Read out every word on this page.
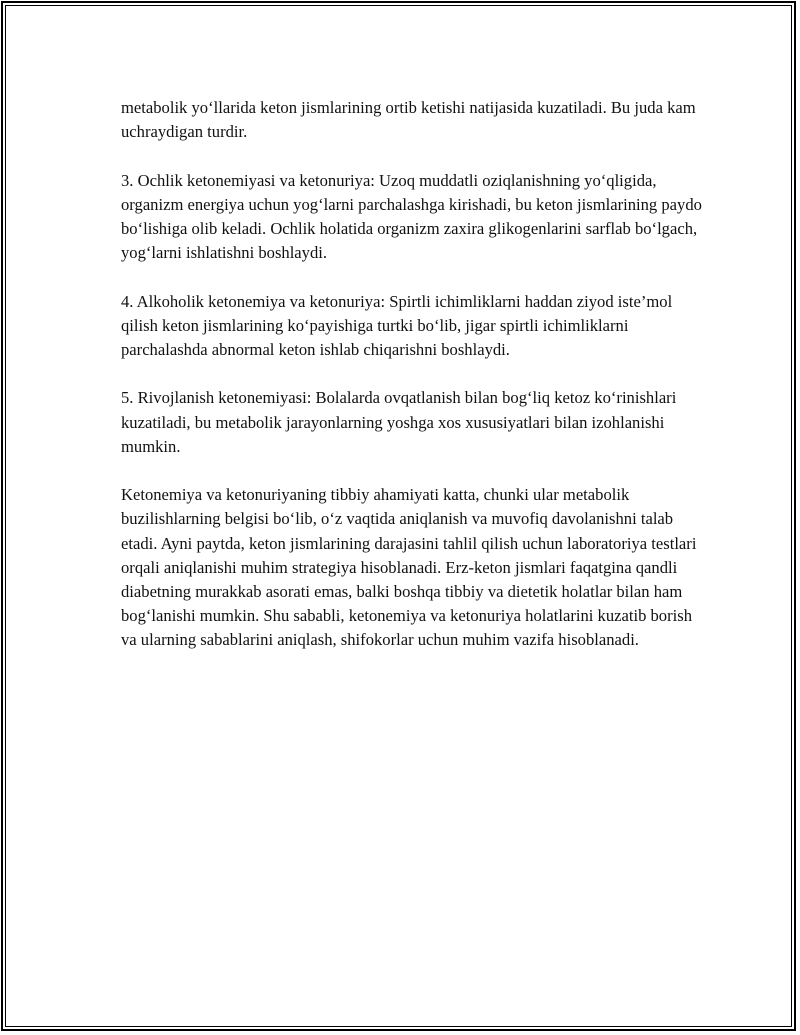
metabolik yo‘llarida keton jismlarining ortib ketishi natijasida kuzatiladi. Bu juda kam uchraydigan turdir.

3. Ochlik ketonemiyasi va ketonuriya: Uzoq muddatli oziqlanishning yo‘qligida, organizm energiya uchun yog‘larni parchalashga kirishadi, bu keton jismlarining paydo bo‘lishiga olib keladi. Ochlik holatida organizm zaxira glikogenlarini sarflab bo‘lgach, yog‘larni ishlatishni boshlaydi.

4. Alkoholik ketonemiya va ketonuriya: Spirtli ichimliklarni haddan ziyod iste’mol qilish keton jismlarining ko‘payishiga turtki bo‘lib, jigar spirtli ichimliklarni parchalashda abnormal keton ishlab chiqarishni boshlaydi.

5. Rivojlanish ketonemiyasi: Bolalarda ovqatlanish bilan bog‘liq ketoz ko‘rinishlari kuzatiladi, bu metabolik jarayonlarning yoshga xos xususiyatlari bilan izohlanishi mumkin.

Ketonemiya va ketonuriyaning tibbiy ahamiyati katta, chunki ular metabolik buzilishlarning belgisi bo‘lib, o‘z vaqtida aniqlanish va muvofiq davolanishni talab etadi. Ayni paytda, keton jismlarining darajasini tahlil qilish uchun laboratoriya testlari orqali aniqlanishi muhim strategiya hisoblanadi. Erz-keton jismlari faqatgina qandli diabetning murakkab asorati emas, balki boshqa tibbiy va dietetik holatlar bilan ham bog‘lanishi mumkin. Shu sababli, ketonemiya va ketonuriya holatlarini kuzatib borish va ularning sabablarini aniqlash, shifokorlar uchun muhim vazifa hisoblanadi.
